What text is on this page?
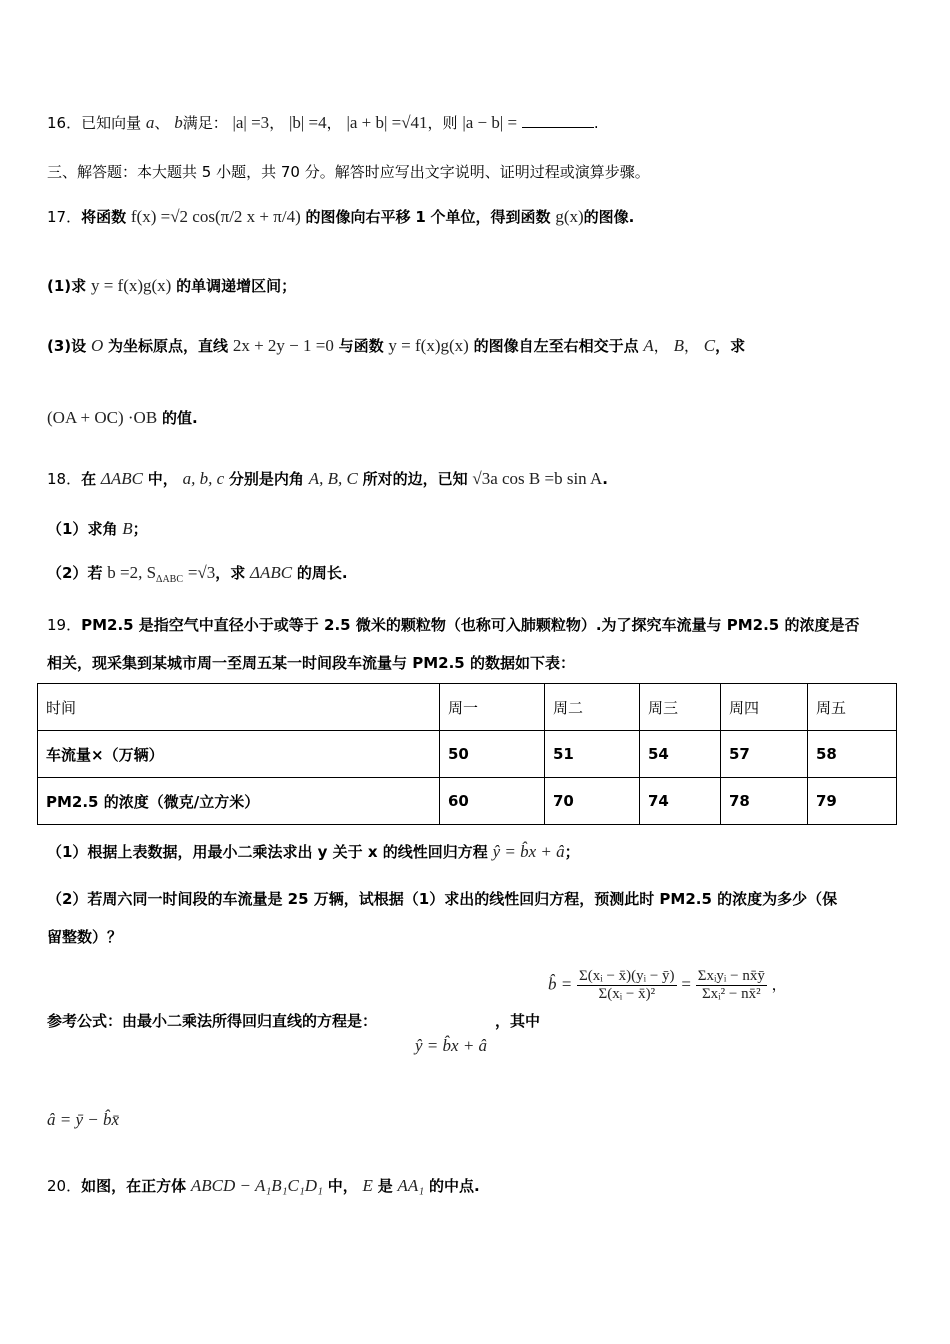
16．已知向量 a、 b满足： |a| =3， |b| =4， |a + b| =√41，则 |a − b| =	.
三、解答题：本大题共 5 小题，共 70 分。解答时应写出文字说明、证明过程或演算步骤。
17．将函数 f(x) =√2 cos(π/2 x + π/4) 的图像向右平移 1 个单位，得到函数 g(x)的图像.
(1)求 y = f(x)g(x) 的单调递增区间；
(3)设 O 为坐标原点，直线 2x + 2y − 1 =0 与函数 y = f(x)g(x) 的图像自左至右相交于点 A， B， C，求
(OA + OC) ·OB 的值.
18．在 ΔABC 中， a, b, c 分别是内角 A, B, C 所对的边，已知 √3a cos B =b sin A.
（1）求角 B；
（2）若 b =2, $S_{\Delta ABC} =√3$，求 ΔABC 的周长.
19．PM2.5 是指空气中直径小于或等于 2.5 微米的颗粒物（也称可入肺颗粒物）.为了探究车流量与 PM2.5 的浓度是否
相关，现采集到某城市周一至周五某一时间段车流量与 PM2.5 的数据如下表：
时间	周一	周二	周三	周四	周五
车流量×（万辆）	50	51	54	57	58
PM2.5 的浓度（微克/立方米）	60	70	74	78	79
（1）根据上表数据，用最小二乘法求出 y 关于 x 的线性回归方程 ŷ = b̂x + â；
（2）若周六同一时间段的车流量是 25 万辆，试根据（1）求出的线性回归方程，预测此时 PM2.5 的浓度为多少（保
留整数）？
参考公式：由最小二乘法所得回归直线的方程是：
ŷ = b̂x + â
，其中
b̂ = $\frac{\text{Σ(xᵢ − x̄)(yᵢ − ȳ)}}{\text{Σ(xᵢ − x̄)²}} = \frac{\text{Σxᵢyᵢ − nx̄ȳ}}{\text{Σxᵢ² − nx̄²}}$ ，
â = ȳ − b̂x̄
20．如图，在正方体 ABCD − A₁B₁C₁D₁ 中， E 是 AA₁ 的中点.
